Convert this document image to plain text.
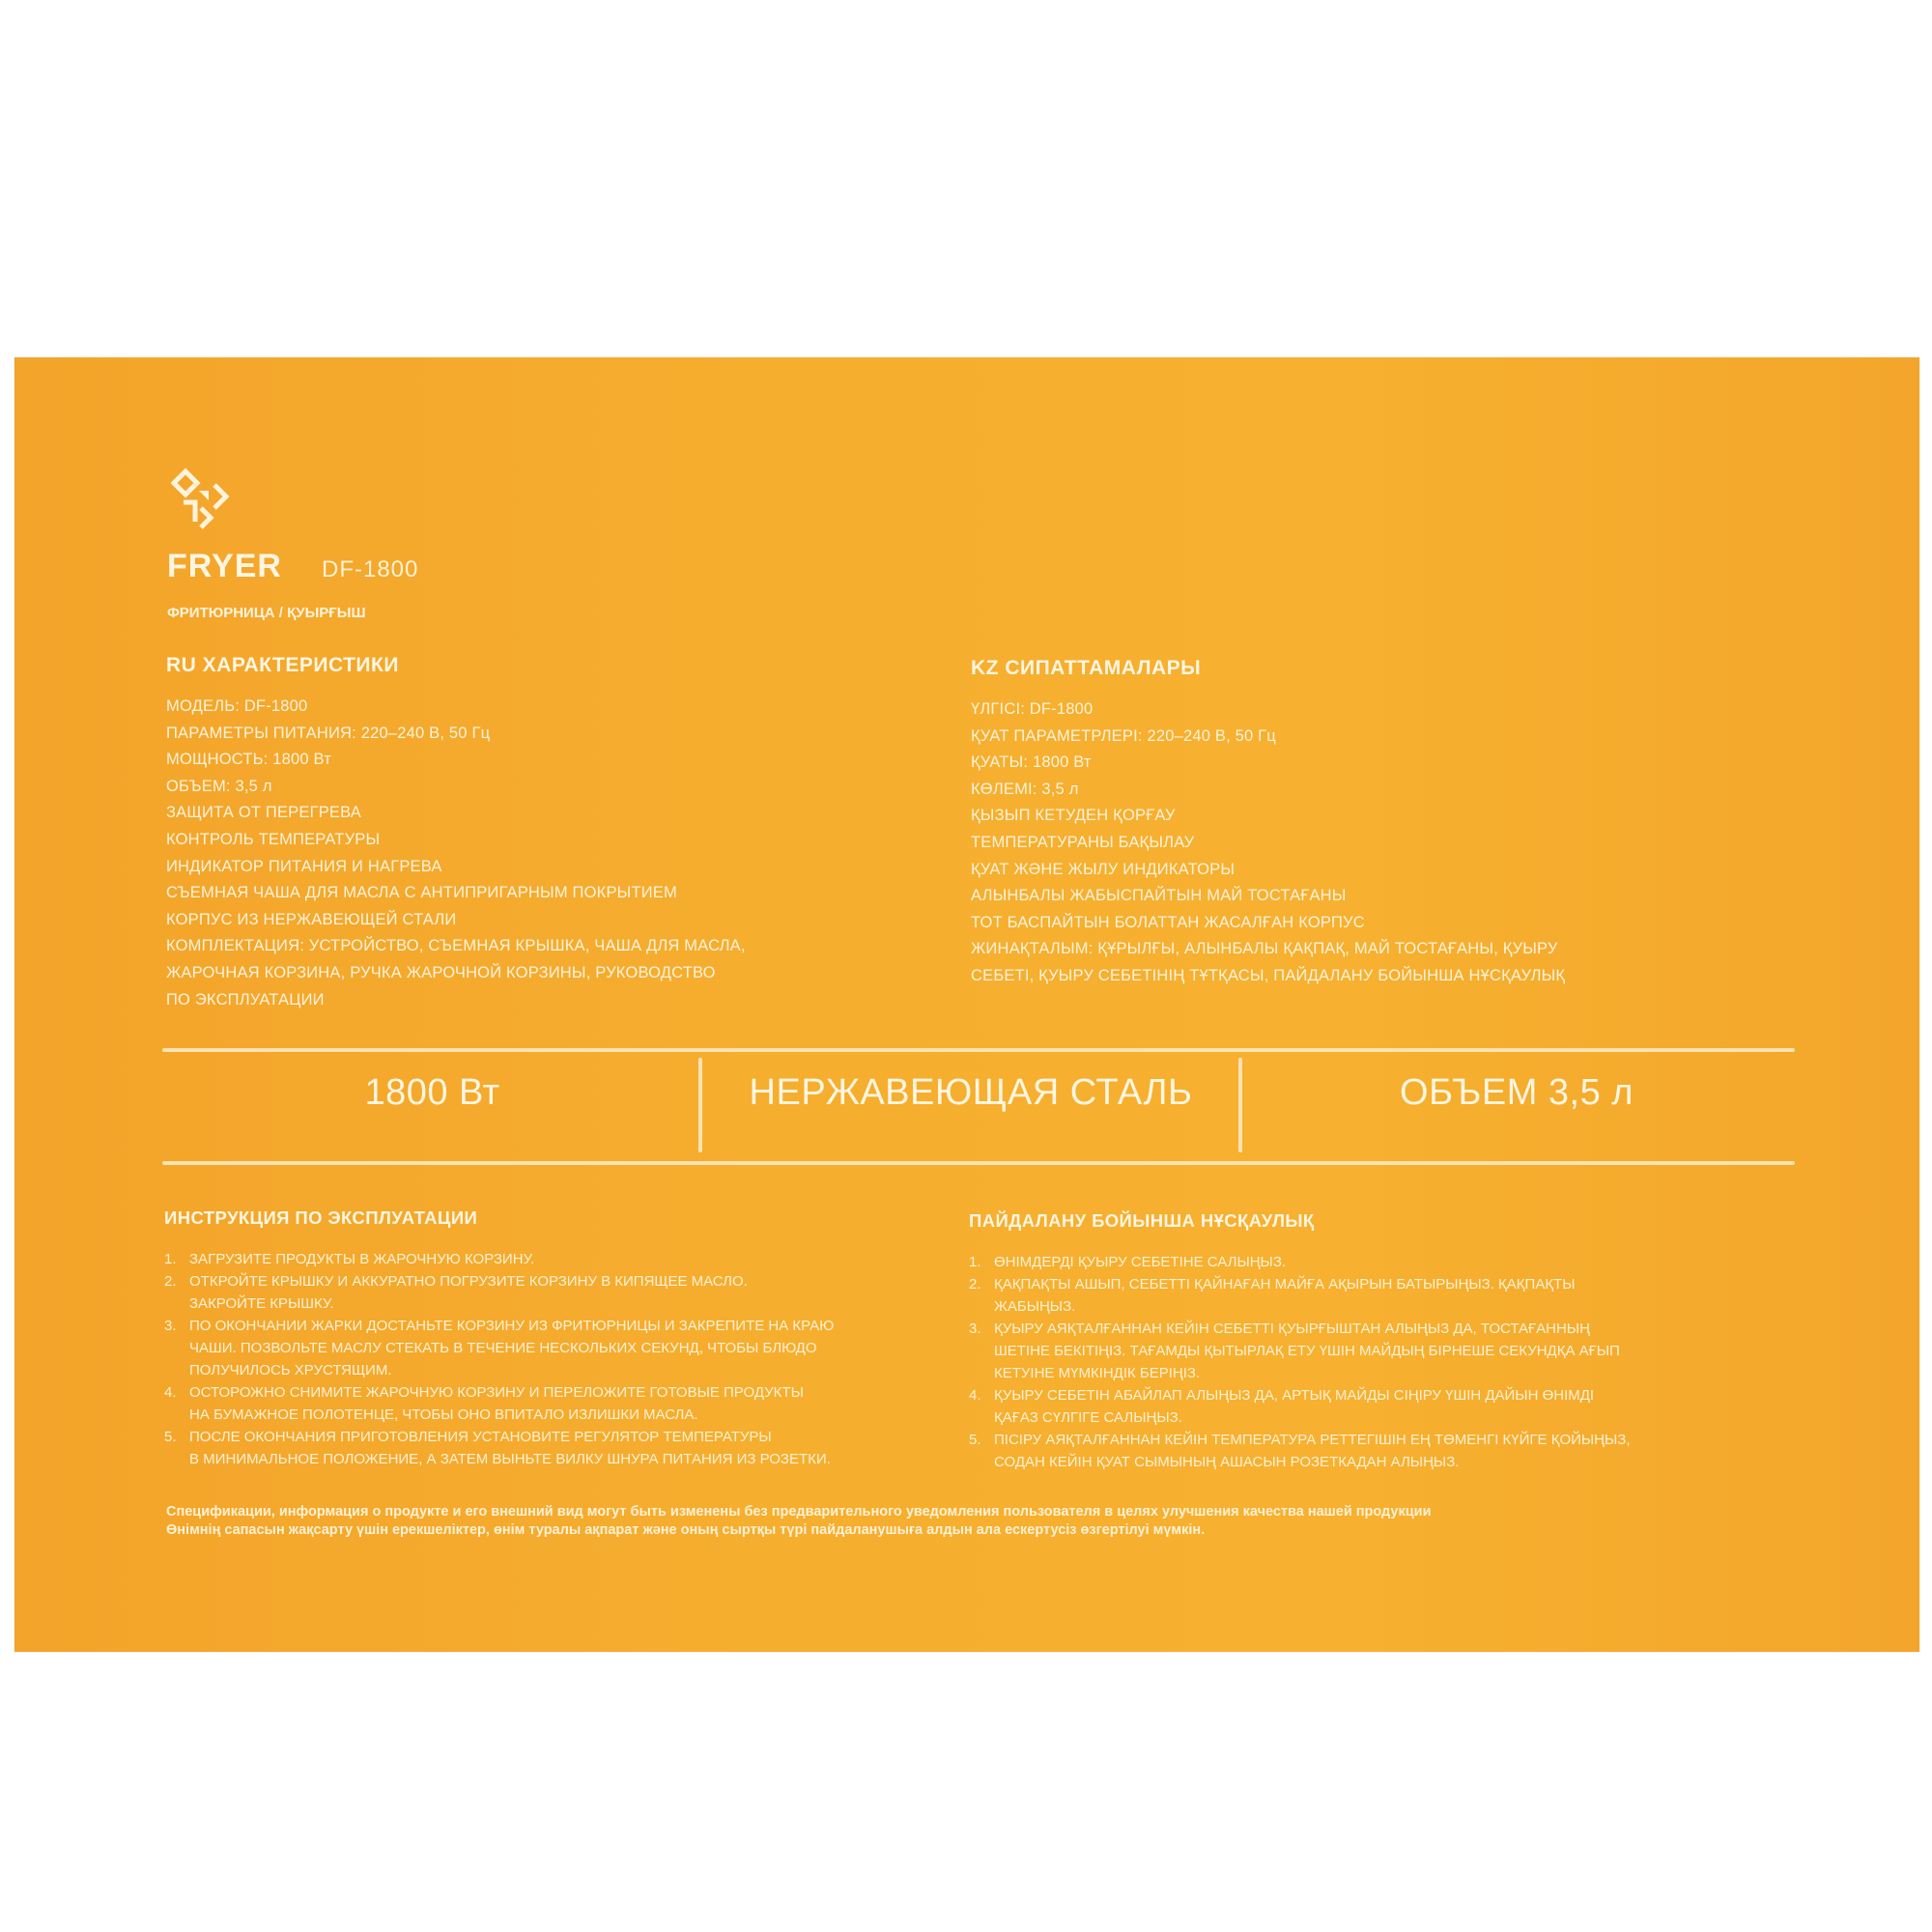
FRYER DF-1800
ФРИТЮРНИЦА / ҚУЫРҒЫШ
RU ХАРАКТЕРИСТИКИ
МОДЕЛЬ: DF-1800
ПАРАМЕТРЫ ПИТАНИЯ: 220–240 В, 50 Гц
МОЩНОСТЬ: 1800 Вт
ОБЪЕМ: 3,5 л
ЗАЩИТА ОТ ПЕРЕГРЕВА
КОНТРОЛЬ ТЕМПЕРАТУРЫ
ИНДИКАТОР ПИТАНИЯ И НАГРЕВА
СЪЕМНАЯ ЧАША ДЛЯ МАСЛА С АНТИПРИГАРНЫМ ПОКРЫТИЕМ
КОРПУС ИЗ НЕРЖАВЕЮЩЕЙ СТАЛИ
КОМПЛЕКТАЦИЯ: УСТРОЙСТВО, СЪЕМНАЯ КРЫШКА, ЧАША ДЛЯ МАСЛА,
ЖАРОЧНАЯ КОРЗИНА, РУЧКА ЖАРОЧНОЙ КОРЗИНЫ, РУКОВОДСТВО
ПО ЭКСПЛУАТАЦИИ
KZ СИПАТТАМАЛАРЫ
ҮЛГІСІ: DF-1800
ҚУАТ ПАРАМЕТРЛЕРІ: 220–240 В, 50 Гц
ҚУАТЫ: 1800 Вт
КӨЛЕМІ: 3,5 л
ҚЫЗЫП КЕТУДЕН ҚОРҒАУ
ТЕМПЕРАТУРАНЫ БАҚЫЛАУ
ҚУАТ ЖӘНЕ ЖЫЛУ ИНДИКАТОРЫ
АЛЫНБАЛЫ ЖАБЫСПАЙТЫН МАЙ ТОСТАҒАНЫ
ТОТ БАСПАЙТЫН БОЛАТТАН ЖАСАЛҒАН КОРПУС
ЖИНАҚТАЛЫМ: ҚҰРЫЛҒЫ, АЛЫНБАЛЫ ҚАҚПАҚ, МАЙ ТОСТАҒАНЫ, ҚУЫРУ
СЕБЕТІ, ҚУЫРУ СЕБЕТІНІҢ ТҰТҚАСЫ, ПАЙДАЛАНУ БОЙЫНША НҰСҚАУЛЫҚ
1800 Вт	НЕРЖАВЕЮЩАЯ СТАЛЬ	ОБЪЕМ 3,5 л
ИНСТРУКЦИЯ ПО ЭКСПЛУАТАЦИИ
1. ЗАГРУЗИТЕ ПРОДУКТЫ В ЖАРОЧНУЮ КОРЗИНУ.
2. ОТКРОЙТЕ КРЫШКУ И АККУРАТНО ПОГРУЗИТЕ КОРЗИНУ В КИПЯЩЕЕ МАСЛО.
ЗАКРОЙТЕ КРЫШКУ.
3. ПО ОКОНЧАНИИ ЖАРКИ ДОСТАНЬТЕ КОРЗИНУ ИЗ ФРИТЮРНИЦЫ И ЗАКРЕПИТЕ НА КРАЮ
ЧАШИ. ПОЗВОЛЬТЕ МАСЛУ СТЕКАТЬ В ТЕЧЕНИЕ НЕСКОЛЬКИХ СЕКУНД, ЧТОБЫ БЛЮДО
ПОЛУЧИЛОСЬ ХРУСТЯЩИМ.
4. ОСТОРОЖНО СНИМИТЕ ЖАРОЧНУЮ КОРЗИНУ И ПЕРЕЛОЖИТЕ ГОТОВЫЕ ПРОДУКТЫ
НА БУМАЖНОЕ ПОЛОТЕНЦЕ, ЧТОБЫ ОНО ВПИТАЛО ИЗЛИШКИ МАСЛА.
5. ПОСЛЕ ОКОНЧАНИЯ ПРИГОТОВЛЕНИЯ УСТАНОВИТЕ РЕГУЛЯТОР ТЕМПЕРАТУРЫ
В МИНИМАЛЬНОЕ ПОЛОЖЕНИЕ, А ЗАТЕМ ВЫНЬТЕ ВИЛКУ ШНУРА ПИТАНИЯ ИЗ РОЗЕТКИ.
ПАЙДАЛАНУ БОЙЫНША НҰСҚАУЛЫҚ
1. ӨНІМДЕРДІ ҚУЫРУ СЕБЕТІНЕ САЛЫҢЫЗ.
2. ҚАҚПАҚТЫ АШЫП, СЕБЕТТІ ҚАЙНАҒАН МАЙҒА АҚЫРЫН БАТЫРЫҢЫЗ. ҚАҚПАҚТЫ
ЖАБЫҢЫЗ.
3. ҚУЫРУ АЯҚТАЛҒАННАН КЕЙІН СЕБЕТТІ ҚУЫРҒЫШТАН АЛЫҢЫЗ ДА, ТОСТАҒАННЫҢ
ШЕТІНЕ БЕКІТІҢІЗ. ТАҒАМДЫ ҚЫТЫРЛАҚ ЕТУ ҮШІН МАЙДЫҢ БІРНЕШЕ СЕКУНДҚА АҒЫП
КЕТУІНЕ МҮМКІНДІК БЕРІҢІЗ.
4. ҚУЫРУ СЕБЕТІН АБАЙЛАП АЛЫҢЫЗ ДА, АРТЫҚ МАЙДЫ СІҢІРУ ҮШІН ДАЙЫН ӨНІМДІ
ҚАҒАЗ СҮЛГІГЕ САЛЫҢЫЗ.
5. ПІСІРУ АЯҚТАЛҒАННАН КЕЙІН ТЕМПЕРАТУРА РЕТТЕГІШІН ЕҢ ТӨМЕНГІ КҮЙГЕ ҚОЙЫҢЫЗ,
СОДАН КЕЙІН ҚУАТ СЫМЫНЫҢ АШАСЫН РОЗЕТКАДАН АЛЫҢЫЗ.
Спецификации, информация о продукте и его внешний вид могут быть изменены без предварительного уведомления пользователя в целях улучшения качества нашей продукции
Өнімнің сапасын жақсарту үшін ерекшеліктер, өнім туралы ақпарат және оның сыртқы түрі пайдаланушыға алдын ала ескертусіз өзгертілуі мүмкін.
